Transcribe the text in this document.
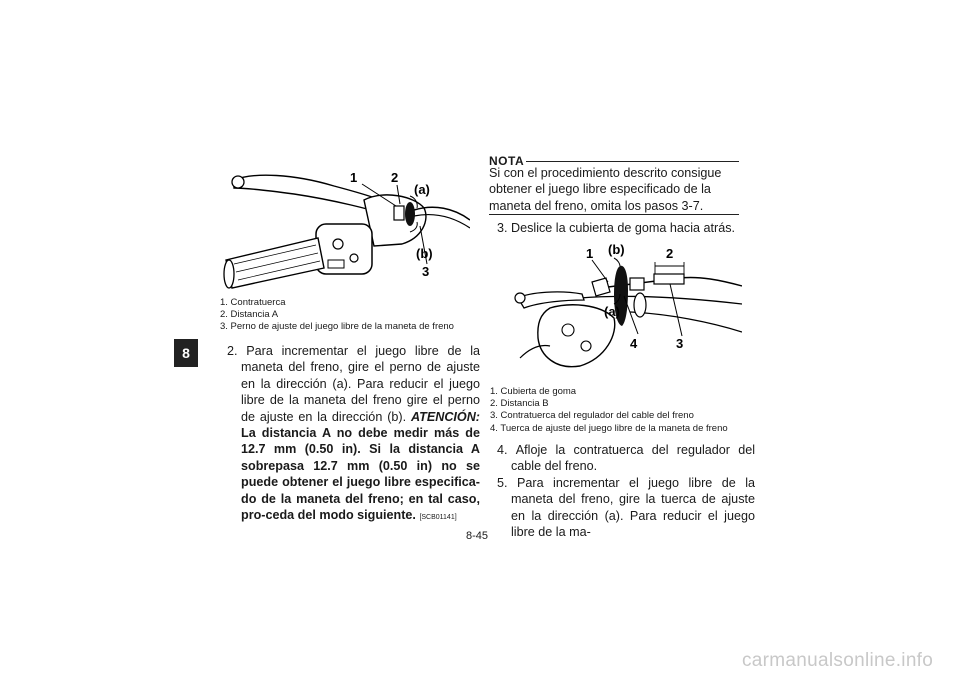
8
1	2
(a)
(b)
3
1. Contratuerca
2. Distancia A
3. Perno de ajuste del juego libre de la maneta de freno
2. Para incrementar el juego libre de la maneta del freno, gire el perno de ajuste en la dirección (a). Para reducir el juego libre de la maneta del freno gire el perno de ajuste en la dirección (b). ATENCIÓN: La distancia A no debe medir más de 12.7 mm (0.50 in). Si la distancia A sobrepasa 12.7 mm (0.50 in) no se puede obtener el juego libre especifica-do de la maneta del freno; en tal caso, pro-ceda del modo siguiente. [SCB01141]
NOTA
Si con el procedimiento descrito consigue obtener el juego libre especificado de la maneta del freno, omita los pasos 3-7.
3. Deslice la cubierta de goma hacia atrás.
1 (b)	2
(a)
4	3
1. Cubierta de goma
2. Distancia B
3. Contratuerca del regulador del cable del freno
4. Tuerca de ajuste del juego libre de la maneta de freno
4. Afloje la contratuerca del regulador del cable del freno.
5. Para incrementar el juego libre de la maneta del freno, gire la tuerca de ajuste en la dirección (a). Para reducir el juego libre de la ma-
8-45
carmanualsonline.info
